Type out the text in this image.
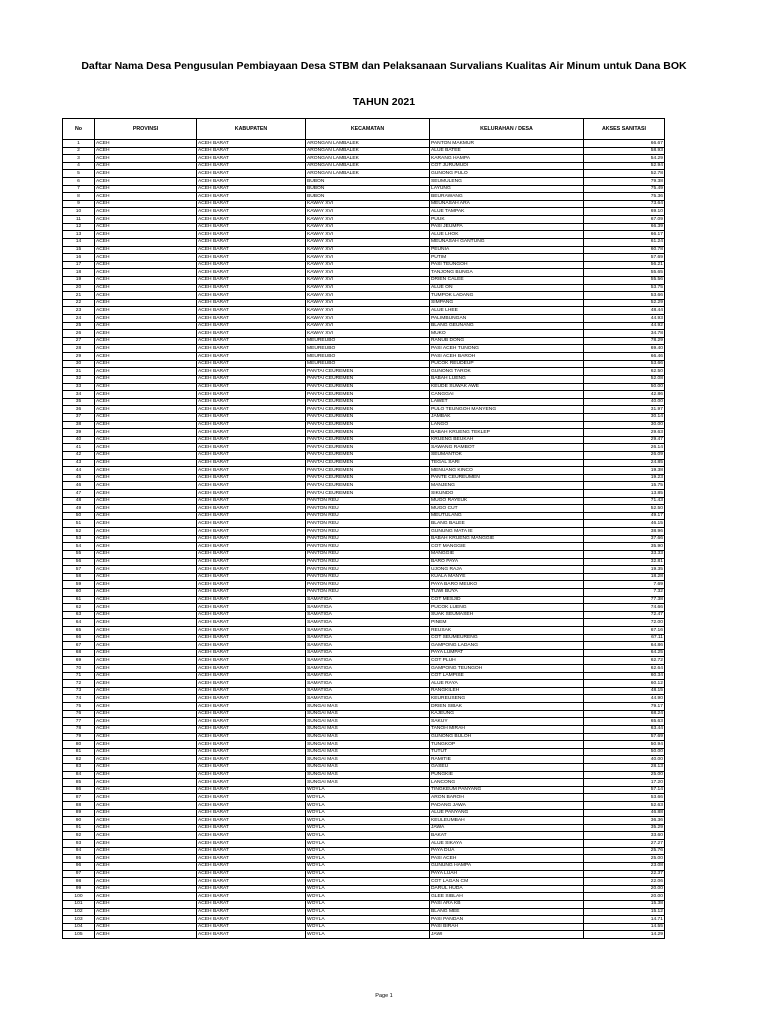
Daftar Nama Desa Pengusulan Pembiayaan Desa STBM dan Pelaksanaan Survalians Kualitas Air Minum untuk Dana BOK
TAHUN 2021
No	PROVINSI	KABUPATEN	KECAMATAN	KELURAHAN / DESA	AKSES SANITASI
1	ACEH	ACEH BARAT	ARONGAN LAMBALEK	PANTON MAKMUR	66.67
2	ACEH	ACEH BARAT	ARONGAN LAMBALEK	ALUE BATEE	58.93
3	ACEH	ACEH BARAT	ARONGAN LAMBALEK	KARANG HAMPA	54.29
4	ACEH	ACEH BARAT	ARONGAN LAMBALEK	COT JURUMUDI	52.94
5	ACEH	ACEH BARAT	ARONGAN LAMBALEK	GUNONG PULO	52.78
6	ACEH	ACEH BARAT	BUBON	SEUMULENG	79.38
7	ACEH	ACEH BARAT	BUBON	LAYUNG	75.49
8	ACEH	ACEH BARAT	BUBON	BEURAWANG	75.36
9	ACEH	ACEH BARAT	KAWAY XVI	MEUNASAH ARA	73.64
10	ACEH	ACEH BARAT	KAWAY XVI	ALUE TAMPAK	69.10
11	ACEH	ACEH BARAT	KAWAY XVI	PUUK	67.09
12	ACEH	ACEH BARAT	KAWAY XVI	PASI JEUMPA	66.39
13	ACEH	ACEH BARAT	KAWAY XVI	ALUE LHOK	66.17
14	ACEH	ACEH BARAT	KAWAY XVI	MEUNASAH GANTUNG	61.24
15	ACEH	ACEH BARAT	KAWAY XVI	PEUNIA	60.78
16	ACEH	ACEH BARAT	KAWAY XVI	PUTIM	57.69
17	ACEH	ACEH BARAT	KAWAY XVI	PASI TEUNGOH	56.21
18	ACEH	ACEH BARAT	KAWAY XVI	TANJONG BUNGA	55.65
19	ACEH	ACEH BARAT	KAWAY XVI	DRIEN CALEE	55.56
20	ACEH	ACEH BARAT	KAWAY XVI	ALUE ON	53.75
21	ACEH	ACEH BARAT	KAWAY XVI	TUMPOK LADANG	53.66
22	ACEH	ACEH BARAT	KAWAY XVI	SIMPANG	52.29
23	ACEH	ACEH BARAT	KAWAY XVI	ALUE LHEE	48.44
24	ACEH	ACEH BARAT	KAWAY XVI	PALIMBUNGAN	44.93
25	ACEH	ACEH BARAT	KAWAY XVI	BLANG GEUNANG	44.92
26	ACEH	ACEH BARAT	KAWAY XVI	MUKO	34.78
27	ACEH	ACEH BARAT	MEUREUBO	RANUB DONG	78.29
28	ACEH	ACEH BARAT	MEUREUBO	PASI ACEH TUNONG	69.40
29	ACEH	ACEH BARAT	MEUREUBO	PASI ACEH BAROH	66.46
30	ACEH	ACEH BARAT	MEUREUBO	PUCOK REUDEUP	53.66
31	ACEH	ACEH BARAT	PANTAI CEUREMEN	GUNONG TAROK	62.50
32	ACEH	ACEH BARAT	PANTAI CEUREMEN	BABAH LUENG	52.08
33	ACEH	ACEH BARAT	PANTAI CEUREMEN	KEUDE SUWAK AWE	50.00
34	ACEH	ACEH BARAT	PANTAI CEUREMEN	CANGGAI	42.86
35	ACEH	ACEH BARAT	PANTAI CEUREMEN	LAWET	40.00
36	ACEH	ACEH BARAT	PANTAI CEUREMEN	PULO TEUNGOH MANYENG	31.97
37	ACEH	ACEH BARAT	PANTAI CEUREMEN	JAMBAK	30.14
38	ACEH	ACEH BARAT	PANTAI CEUREMEN	LANGO	30.00
39	ACEH	ACEH BARAT	PANTAI CEUREMEN	BABAH KRUENG TEKLEP	29.63
40	ACEH	ACEH BARAT	PANTAI CEUREMEN	KRUENG BEUKAH	29.47
41	ACEH	ACEH BARAT	PANTAI CEUREMEN	SAWANG RAMBOT	26.14
42	ACEH	ACEH BARAT	PANTAI CEUREMEN	SEUMANTOK	26.09
43	ACEH	ACEH BARAT	PANTAI CEUREMEN	TEGAL SARI	24.85
44	ACEH	ACEH BARAT	PANTAI CEUREMEN	MENUANG KINCO	19.38
45	ACEH	ACEH BARAT	PANTAI CEUREMEN	PANTE CEUREUMEN	19.23
46	ACEH	ACEH BARAT	PANTAI CEUREMEN	MANJENG	15.75
47	ACEH	ACEH BARAT	PANTAI CEUREMEN	SIKUNDO	13.85
48	ACEH	ACEH BARAT	PANTON REU	MUGO RAYEUK	71.43
49	ACEH	ACEH BARAT	PANTON REU	MUGO CUT	52.50
50	ACEH	ACEH BARAT	PANTON REU	MEUTULANG	49.17
51	ACEH	ACEH BARAT	PANTON REU	BLANG BALEE	46.15
52	ACEH	ACEH BARAT	PANTON REU	GUNUNG MATA IE	38.96
53	ACEH	ACEH BARAT	PANTON REU	BABAH KRUENG MANGGIE	37.66
54	ACEH	ACEH BARAT	PANTON REU	COT MANGGIE	35.90
55	ACEH	ACEH BARAT	PANTON REU	MANGGIE	33.33
56	ACEH	ACEH BARAT	PANTON REU	BARO PAYA	32.81
57	ACEH	ACEH BARAT	PANTON REU	UJONG RAJA	19.35
58	ACEH	ACEH BARAT	PANTON REU	KUALA MANYE	18.28
59	ACEH	ACEH BARAT	PANTON REU	PAYA BARO MEUKO	7.69
60	ACEH	ACEH BARAT	PANTON REU	TUWI BUYA	7.32
61	ACEH	ACEH BARAT	SAMATIGA	COT MESJID	77.38
62	ACEH	ACEH BARAT	SAMATIGA	PUCOK LUENG	74.66
63	ACEH	ACEH BARAT	SAMATIGA	SUAK SEUMASEH	72.47
64	ACEH	ACEH BARAT	SAMATIGA	PINEM	72.00
65	ACEH	ACEH BARAT	SAMATIGA	REUSAK	67.16
66	ACEH	ACEH BARAT	SAMATIGA	COT SEUMEURENG	67.11
67	ACEH	ACEH BARAT	SAMATIGA	GAMPONG LADANG	64.86
68	ACEH	ACEH BARAT	SAMATIGA	PAYA LUMPAT	64.25
69	ACEH	ACEH BARAT	SAMATIGA	COT PLUH	62.72
70	ACEH	ACEH BARAT	SAMATIGA	GAMPONG TEUNGOH	62.64
71	ACEH	ACEH BARAT	SAMATIGA	COT LAMPISE	60.34
72	ACEH	ACEH BARAT	SAMATIGA	ALUE RAYA	60.12
73	ACEH	ACEH BARAT	SAMATIGA	RANGKILEH	48.15
74	ACEH	ACEH BARAT	SAMATIGA	KEUREUSENG	44.90
75	ACEH	ACEH BARAT	SUNGAI MAS	DRIEN SIBAK	79.17
76	ACEH	ACEH BARAT	SUNGAI MAS	KAJEUNG	68.24
77	ACEH	ACEH BARAT	SUNGAI MAS	SAKUY	65.63
78	ACEH	ACEH BARAT	SUNGAI MAS	TANOH MIRAH	63.44
79	ACEH	ACEH BARAT	SUNGAI MAS	GUNONG BULOH	57.69
80	ACEH	ACEH BARAT	SUNGAI MAS	TUNGKOP	50.94
81	ACEH	ACEH BARAT	SUNGAI MAS	TUTUT	50.00
82	ACEH	ACEH BARAT	SUNGAI MAS	RAMITIE	40.00
83	ACEH	ACEH BARAT	SUNGAI MAS	GASEU	28.13
84	ACEH	ACEH BARAT	SUNGAI MAS	PUNGKIE	25.00
85	ACEH	ACEH BARAT	SUNGAI MAS	LANCONG	17.20
86	ACEH	ACEH BARAT	WOYLA	TINGKEUM PANYANG	57.14
87	ACEH	ACEH BARAT	WOYLA	ARON BAROH	53.66
88	ACEH	ACEH BARAT	WOYLA	PADANG JAWA	52.63
89	ACEH	ACEH BARAT	WOYLA	ALUE PANYANG	46.88
90	ACEH	ACEH BARAT	WOYLA	KEULEUMBAH	36.36
91	ACEH	ACEH BARAT	WOYLA	JAWA	35.29
92	ACEH	ACEH BARAT	WOYLA	BAKAT	33.60
93	ACEH	ACEH BARAT	WOYLA	ALUE SIKAYA	27.27
94	ACEH	ACEH BARAT	WOYLA	PAYA DUA	25.76
95	ACEH	ACEH BARAT	WOYLA	PASI ACEH	25.00
96	ACEH	ACEH BARAT	WOYLA	GUNUNG HAMPA	23.08
97	ACEH	ACEH BARAT	WOYLA	PAYA LUAH	22.37
98	ACEH	ACEH BARAT	WOYLA	COT LAGAN CM	22.06
99	ACEH	ACEH BARAT	WOYLA	DARUL HUDA	20.00
100	ACEH	ACEH BARAT	WOYLA	GLEE SIBLAH	20.00
101	ACEH	ACEH BARAT	WOYLA	PASI ARA KB	15.38
102	ACEH	ACEH BARAT	WOYLA	BLANG MEE	15.12
103	ACEH	ACEH BARAT	WOYLA	PASI PANDAN	14.71
104	ACEH	ACEH BARAT	WOYLA	PASI BIRAH	14.55
105	ACEH	ACEH BARAT	WOYLA	JAWI	14.29
Page 1
